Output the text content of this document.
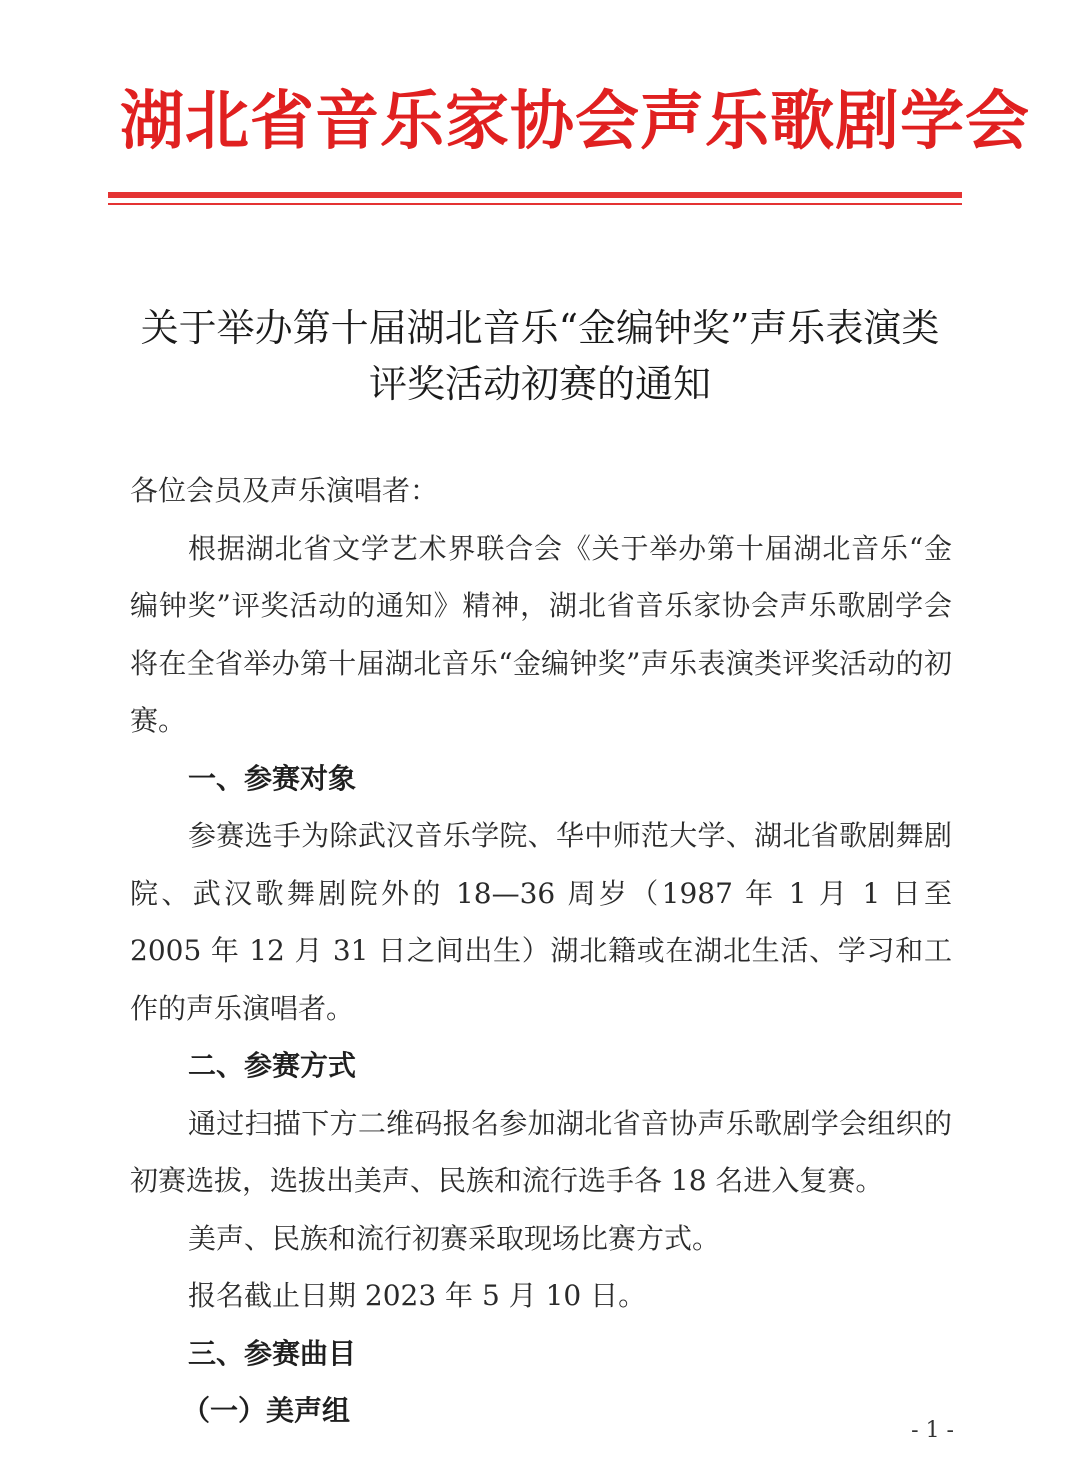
湖北省音乐家协会声乐歌剧学会
关于举办第十届湖北音乐“金编钟奖”声乐表演类
评奖活动初赛的通知

各位会员及声乐演唱者：

根据湖北省文学艺术界联合会《关于举办第十届湖北音乐“金编钟奖”评奖活动的通知》精神，湖北省音乐家协会声乐歌剧学会将在全省举办第十届湖北音乐“金编钟奖”声乐表演类评奖活动的初赛。

一、参赛对象

参赛选手为除武汉音乐学院、华中师范大学、湖北省歌剧舞剧院、武汉歌舞剧院外的 18—36 周岁（1987 年 1 月 1 日至 2005 年 12 月 31 日之间出生）湖北籍或在湖北生活、学习和工作的声乐演唱者。

二、参赛方式

通过扫描下方二维码报名参加湖北省音协声乐歌剧学会组织的初赛选拔，选拔出美声、民族和流行选手各 18 名进入复赛。

美声、民族和流行初赛采取现场比赛方式。

报名截止日期 2023 年 5 月 10 日。

三、参赛曲目

（一）美声组

- 1 -
